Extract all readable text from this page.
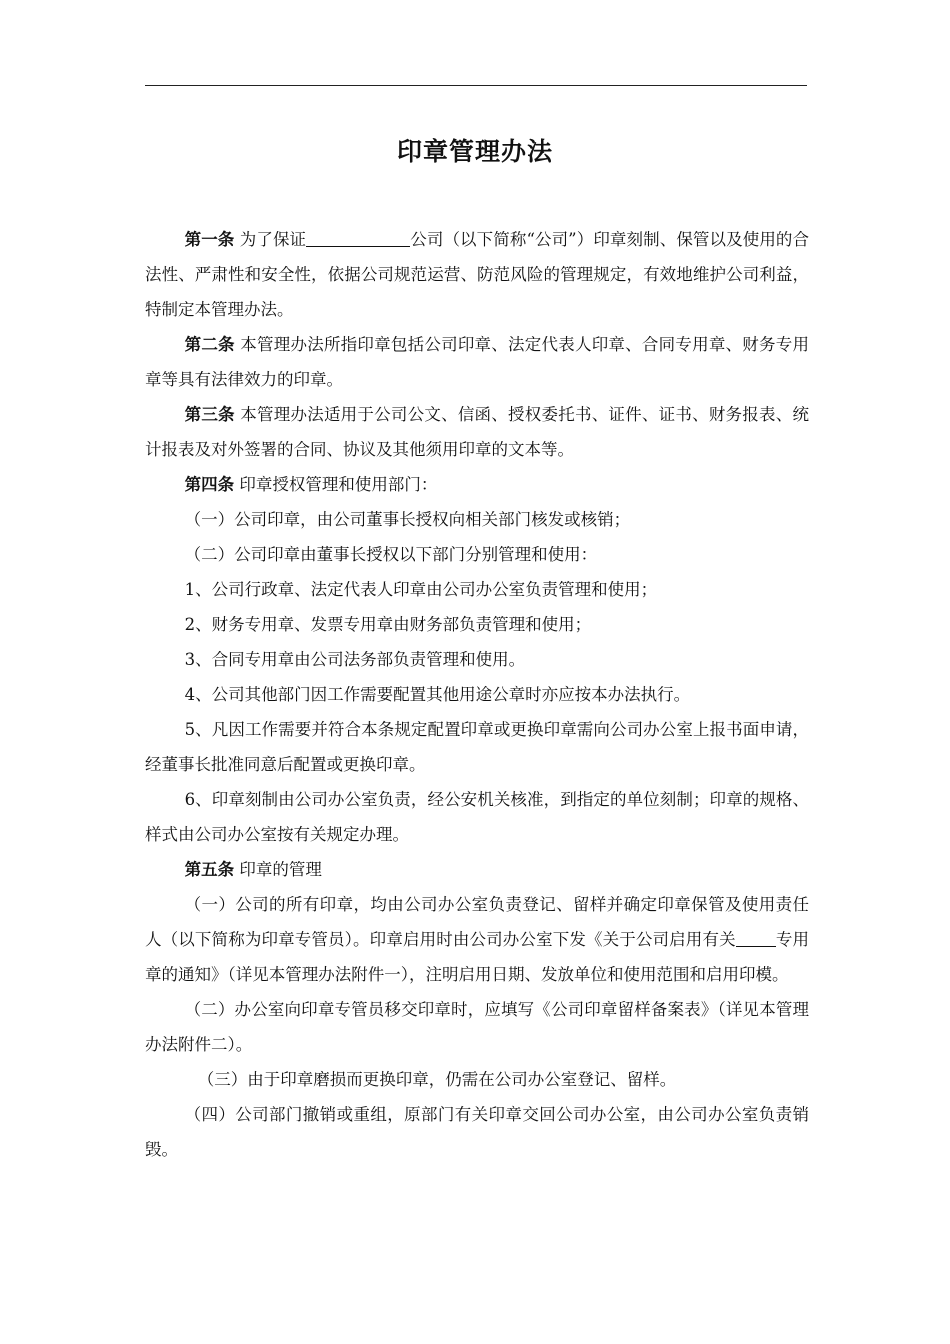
印章管理办法

第一条 为了保证	公司（以下简称“公司”）印章刻制、保管以及使用的合法性、严肃性和安全性，依据公司规范运营、防范风险的管理规定，有效地维护公司利益，特制定本管理办法。

第二条 本管理办法所指印章包括公司印章、法定代表人印章、合同专用章、财务专用章等具有法律效力的印章。

第三条 本管理办法适用于公司公文、信函、授权委托书、证件、证书、财务报表、统计报表及对外签署的合同、协议及其他须用印章的文本等。

第四条 印章授权管理和使用部门：

（一）公司印章，由公司董事长授权向相关部门核发或核销；

（二）公司印章由董事长授权以下部门分别管理和使用：

1、公司行政章、法定代表人印章由公司办公室负责管理和使用；

2、财务专用章、发票专用章由财务部负责管理和使用；

3、合同专用章由公司法务部负责管理和使用。

4、公司其他部门因工作需要配置其他用途公章时亦应按本办法执行。

5、凡因工作需要并符合本条规定配置印章或更换印章需向公司办公室上报书面申请，经董事长批准同意后配置或更换印章。

6、印章刻制由公司办公室负责，经公安机关核准，到指定的单位刻制；印章的规格、样式由公司办公室按有关规定办理。

第五条 印章的管理

（一）公司的所有印章，均由公司办公室负责登记、留样并确定印章保管及使用责任人（以下简称为印章专管员）。印章启用时由公司办公室下发《关于公司启用有关 专用章的通知》（详见本管理办法附件一），注明启用日期、发放单位和使用范围和启用印模。

（二）办公室向印章专管员移交印章时，应填写《公司印章留样备案表》（详见本管理办法附件二）。

（三）由于印章磨损而更换印章，仍需在公司办公室登记、留样。

（四）公司部门撤销或重组，原部门有关印章交回公司办公室，由公司办公室负责销毁。
